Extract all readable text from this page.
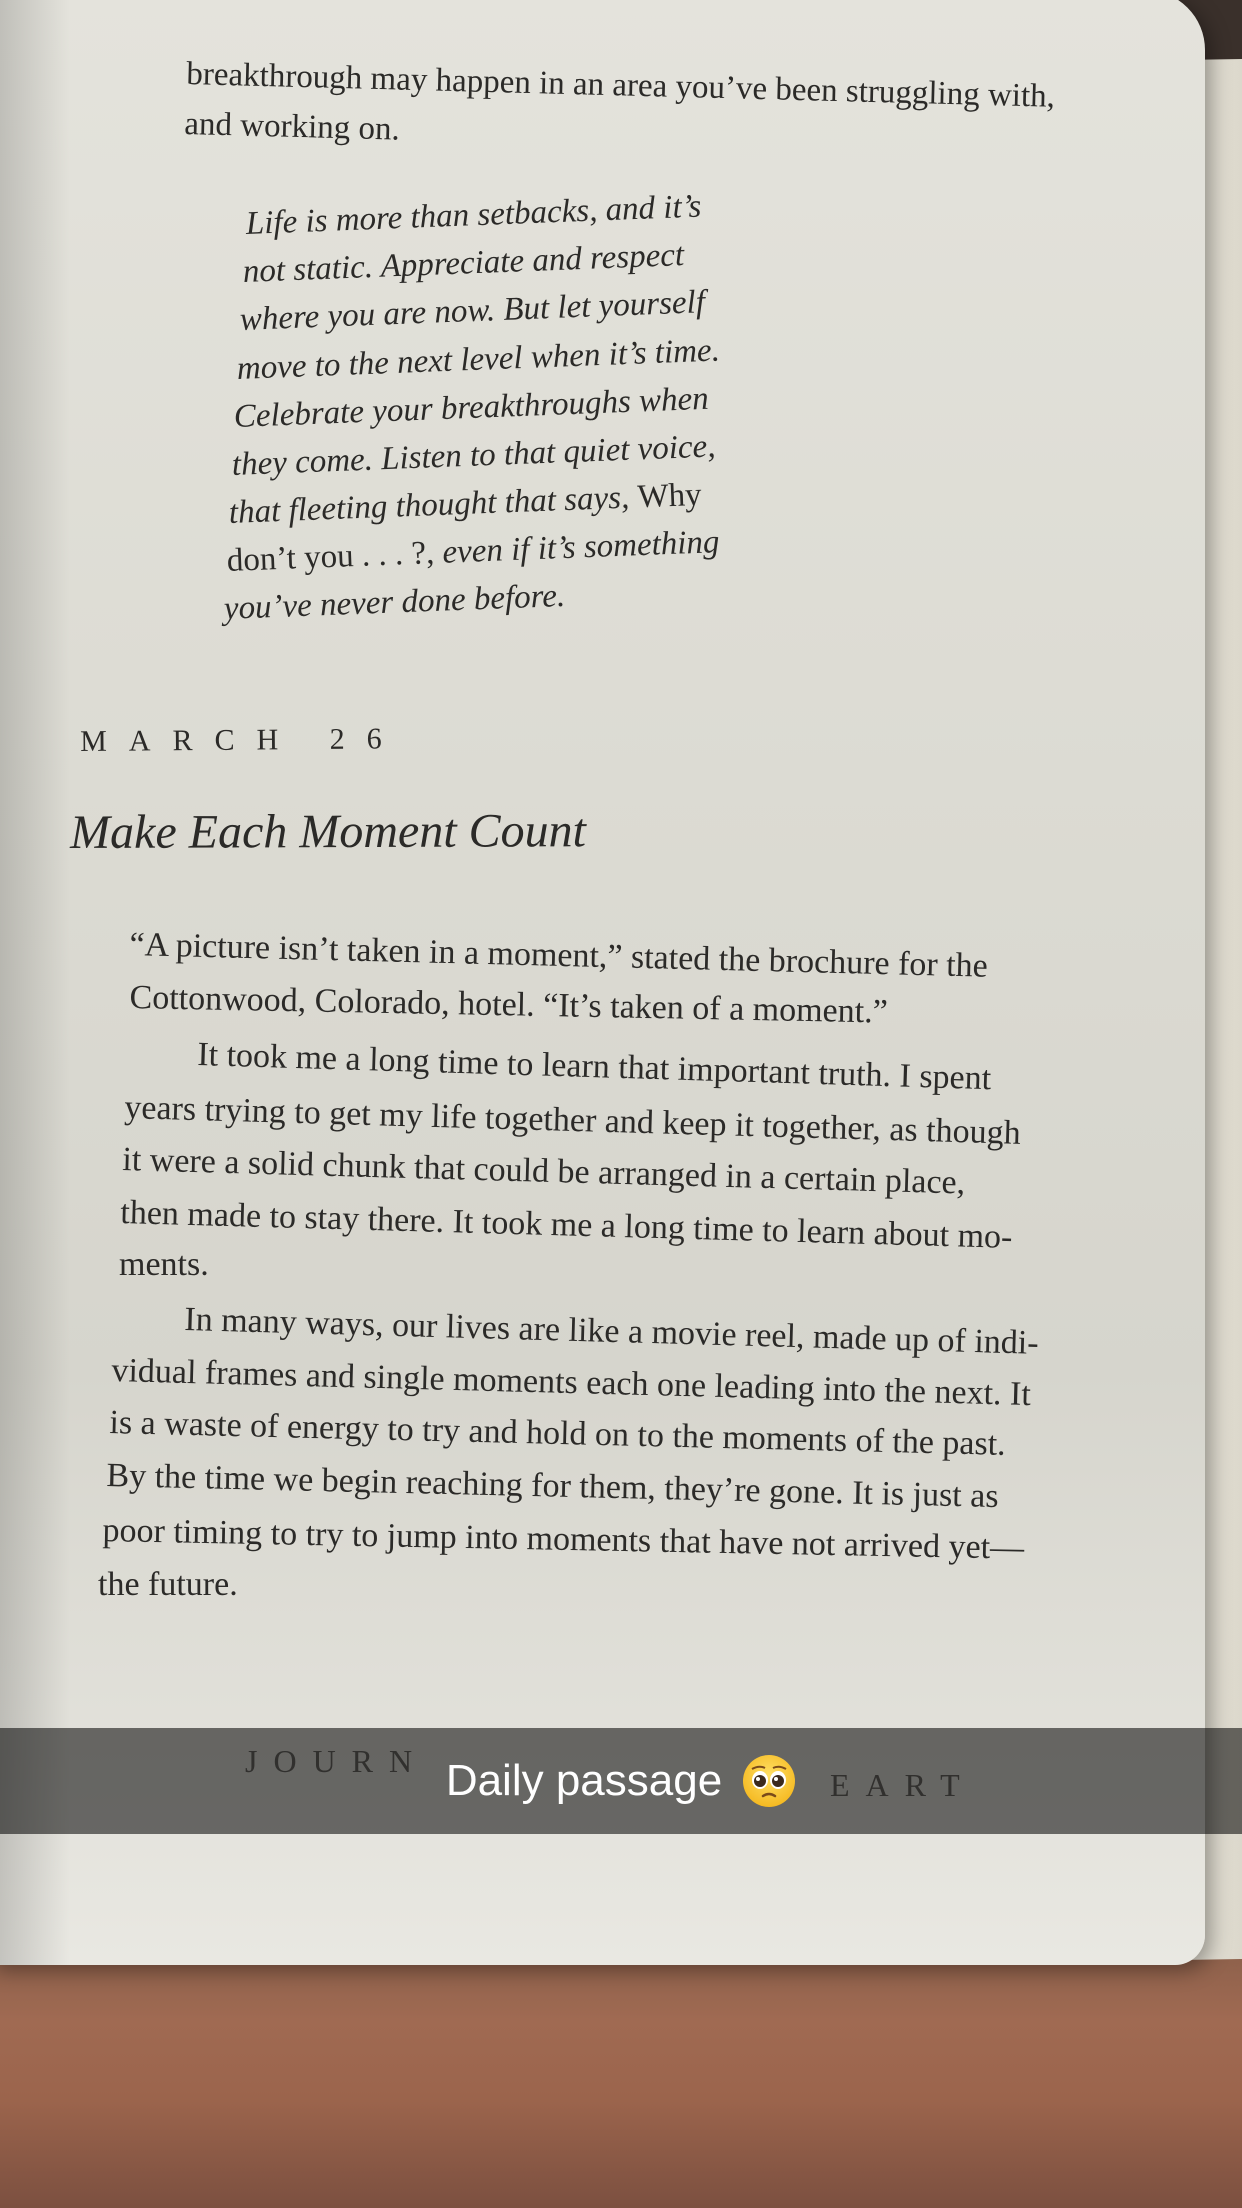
breakthrough may happen in an area you’ve been struggling with,
and working on.
Life is more than setbacks, and it’s
not static. Appreciate and respect
where you are now. But let yourself
move to the next level when it’s time.
Celebrate your breakthroughs when
they come. Listen to that quiet voice,
that fleeting thought that says, Why
don’t you . . . ?, even if it’s something
you’ve never done before.
MARCH 26
Make Each Moment Count
“A picture isn’t taken in a moment,” stated the brochure for the
Cottonwood, Colorado, hotel. “It’s taken of a moment.”
It took me a long time to learn that important truth. I spent
years trying to get my life together and keep it together, as though
it were a solid chunk that could be arranged in a certain place,
then made to stay there. It took me a long time to learn about mo-
ments.
In many ways, our lives are like a movie reel, made up of indi-
vidual frames and single moments each one leading into the next. It
is a waste of energy to try and hold on to the moments of the past.
By the time we begin reaching for them, they’re gone. It is just as
poor timing to try to jump into moments that have not arrived yet—
the future.
Daily passage
